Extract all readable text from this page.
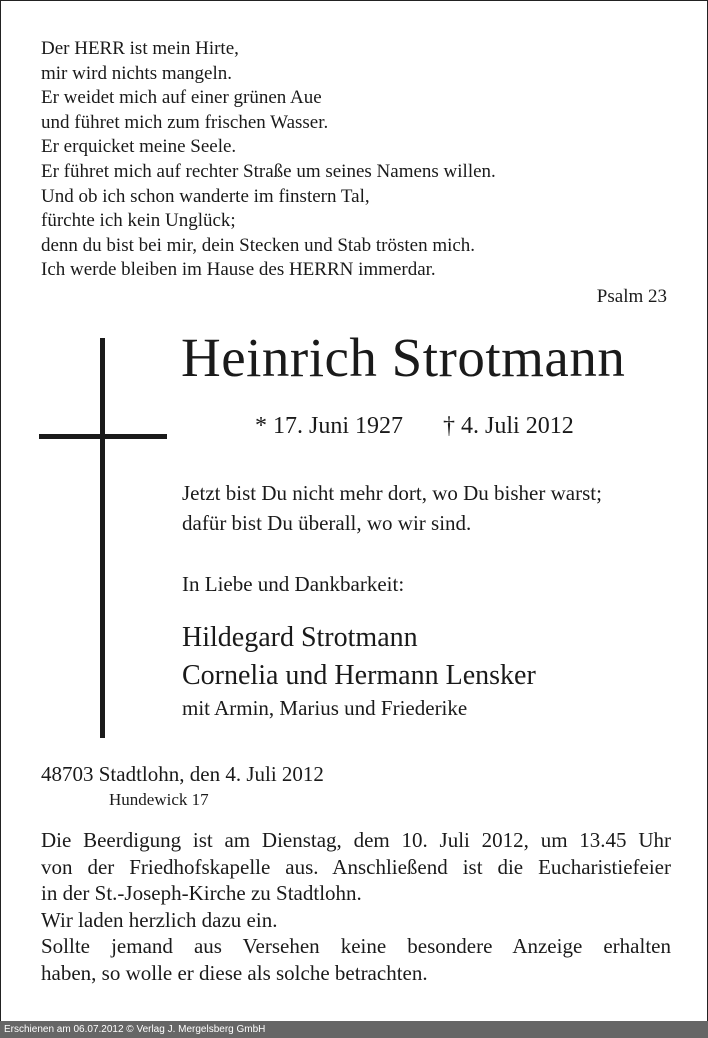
Der HERR ist mein Hirte,
mir wird nichts mangeln.
Er weidet mich auf einer grünen Aue
und führet mich zum frischen Wasser.
Er erquicket meine Seele.
Er führet mich auf rechter Straße um seines Namens willen.
Und ob ich schon wanderte im finstern Tal,
fürchte ich kein Unglück;
denn du bist bei mir, dein Stecken und Stab trösten mich.
Ich werde bleiben im Hause des HERRN immerdar.
Psalm 23
Heinrich Strotmann
* 17. Juni 1927 † 4. Juli 2012
Jetzt bist Du nicht mehr dort, wo Du bisher warst;
dafür bist Du überall, wo wir sind.
In Liebe und Dankbarkeit:
Hildegard Strotmann
Cornelia und Hermann Lensker
mit Armin, Marius und Friederike
48703 Stadtlohn, den 4. Juli 2012
Hundewick 17
Die Beerdigung ist am Dienstag, dem 10. Juli 2012, um 13.45 Uhr
von der Friedhofskapelle aus. Anschließend ist die Eucharistiefeier
in der St.-Joseph-Kirche zu Stadtlohn.
Wir laden herzlich dazu ein.
Sollte jemand aus Versehen keine besondere Anzeige erhalten
haben, so wolle er diese als solche betrachten.
Erschienen am 06.07.2012 © Verlag J. Mergelsberg GmbH
